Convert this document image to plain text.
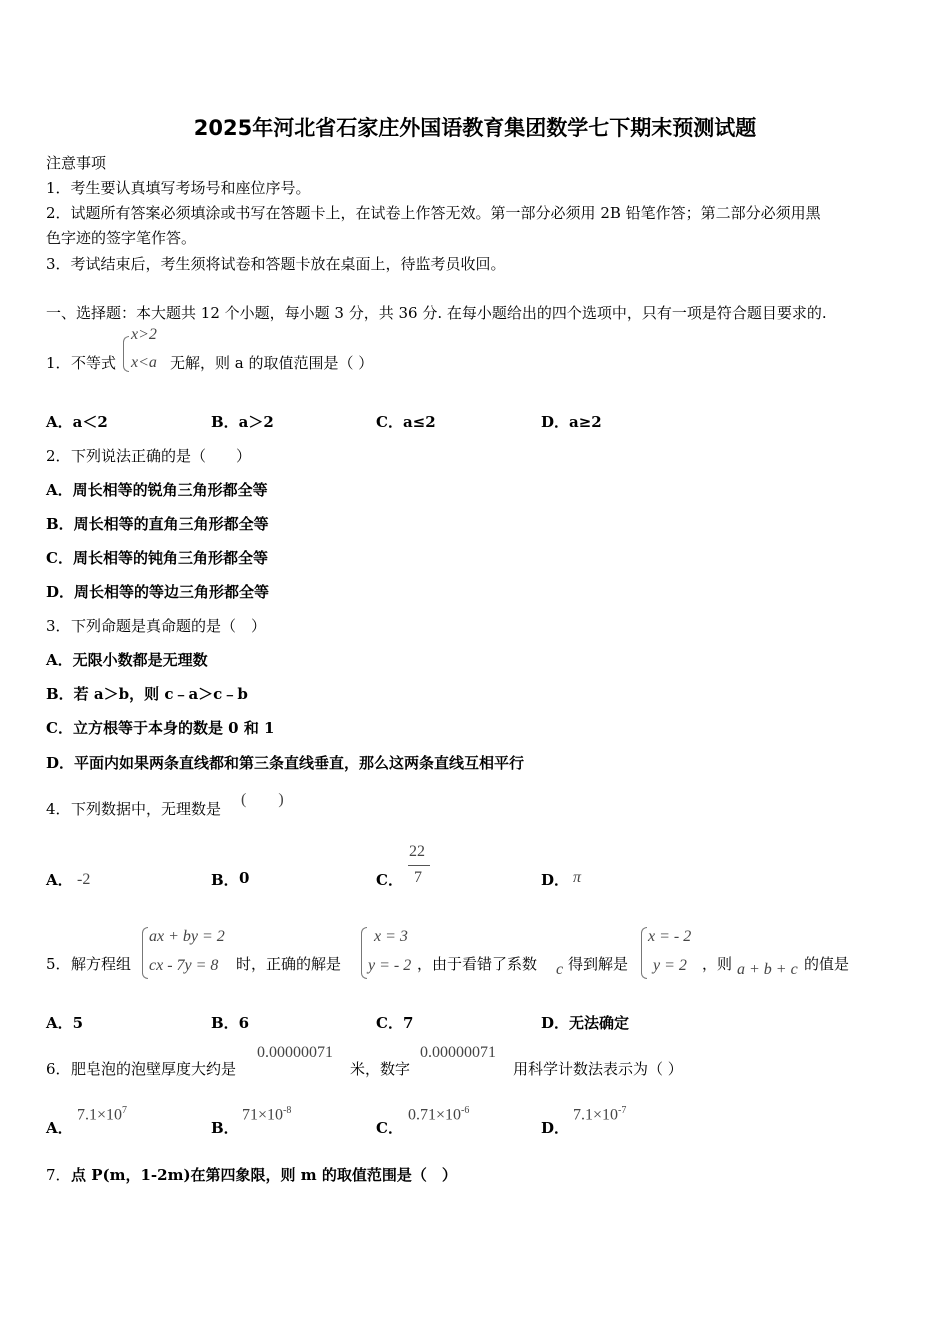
2025年河北省石家庄外国语教育集团数学七下期末预测试题
注意事项
1．考生要认真填写考场号和座位序号。
2．试题所有答案必须填涂或书写在答题卡上，在试卷上作答无效。第一部分必须用 2B 铅笔作答；第二部分必须用黑
色字迹的签字笔作答。
3．考试结束后，考生须将试卷和答题卡放在桌面上，待监考员收回。
一、选择题：本大题共 12 个小题，每小题 3 分，共 36 分. 在每小题给出的四个选项中，只有一项是符合题目要求的.
1． 不等式
x>2
x<a 无解，则 a 的取值范围是（ ）
A．a＜2	B．a＞2	C．a≤2	D．a≥2
2． 下列说法正确的是（　　）
A．周长相等的锐角三角形都全等
B．周长相等的直角三角形都全等
C．周长相等的钝角三角形都全等
D．周长相等的等边三角形都全等
3． 下列命题是真命题的是（　）
A．无限小数都是无理数
B．若 a＞b，则 c﹣a＞c﹣b
C．立方根等于本身的数是 0 和 1
D．平面内如果两条直线都和第三条直线垂直，那么这两条直线互相平行
4． 下列数据中，无理数是
(　　)
A． -2	B． 0	C．
22
7	D． π
5． 解方程组
ax + by = 2
cx - 7y = 8 时，正确的解是
x = 3
y = - 2 ，由于看错了系数 c 得到解是
x = - 2
y = 2 ，则 a + b + c 的值是
A．5	B．6	C．7	D．无法确定
6． 肥皂泡的泡壁厚度大约是
0.00000071
米，数字
0.00000071
用科学计数法表示为（ ）
A．
$7.1\times 10^7$
B．
$71\times 10^{-8}$
C．
$0.71\times 10^{-6}$
D．
$7.1\times 10^{-7}$
7． 点 P(m，1-2m)在第四象限，则 m 的取值范围是（　）
